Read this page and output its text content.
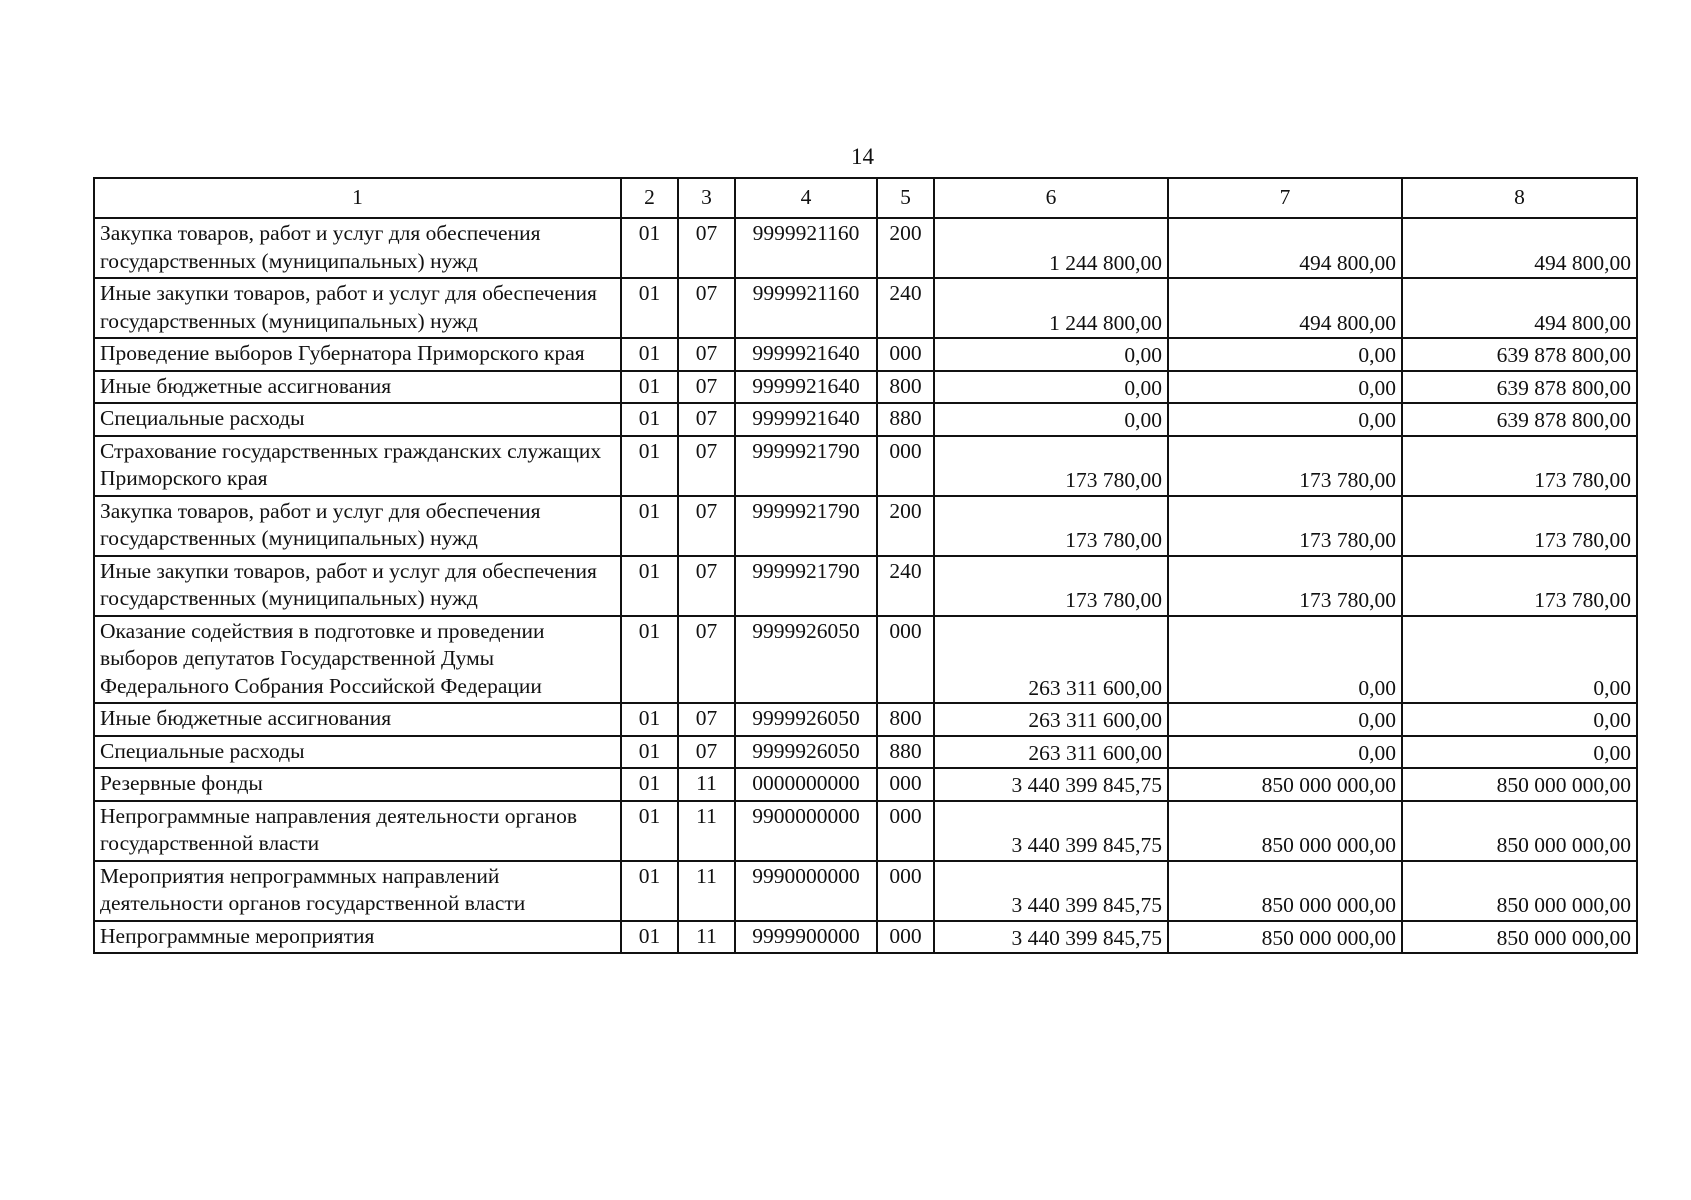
14
1	2	3	4	5	6	7	8
Закупка товаров, работ и услуг для обеспечения государственных (муниципальных) нужд	01	07	9999921160	200	1 244 800,00	494 800,00	494 800,00
Иные закупки товаров, работ и услуг для обеспечения государственных (муниципальных) нужд	01	07	9999921160	240	1 244 800,00	494 800,00	494 800,00
Проведение выборов Губернатора Приморского края	01	07	9999921640	000	0,00	0,00	639 878 800,00
Иные бюджетные ассигнования	01	07	9999921640	800	0,00	0,00	639 878 800,00
Специальные расходы	01	07	9999921640	880	0,00	0,00	639 878 800,00
Страхование государственных гражданских служащих Приморского края	01	07	9999921790	000	173 780,00	173 780,00	173 780,00
Закупка товаров, работ и услуг для обеспечения государственных (муниципальных) нужд	01	07	9999921790	200	173 780,00	173 780,00	173 780,00
Иные закупки товаров, работ и услуг для обеспечения государственных (муниципальных) нужд	01	07	9999921790	240	173 780,00	173 780,00	173 780,00
Оказание содействия в подготовке и проведении выборов депутатов Государственной Думы Федерального Собрания Российской Федерации	01	07	9999926050	000	263 311 600,00	0,00	0,00
Иные бюджетные ассигнования	01	07	9999926050	800	263 311 600,00	0,00	0,00
Специальные расходы	01	07	9999926050	880	263 311 600,00	0,00	0,00
Резервные фонды	01	11	0000000000	000	3 440 399 845,75	850 000 000,00	850 000 000,00
Непрограммные направления деятельности органов государственной власти	01	11	9900000000	000	3 440 399 845,75	850 000 000,00	850 000 000,00
Мероприятия непрограммных направлений деятельности органов государственной власти	01	11	9990000000	000	3 440 399 845,75	850 000 000,00	850 000 000,00
Непрограммные мероприятия	01	11	9999900000	000	3 440 399 845,75	850 000 000,00	850 000 000,00
